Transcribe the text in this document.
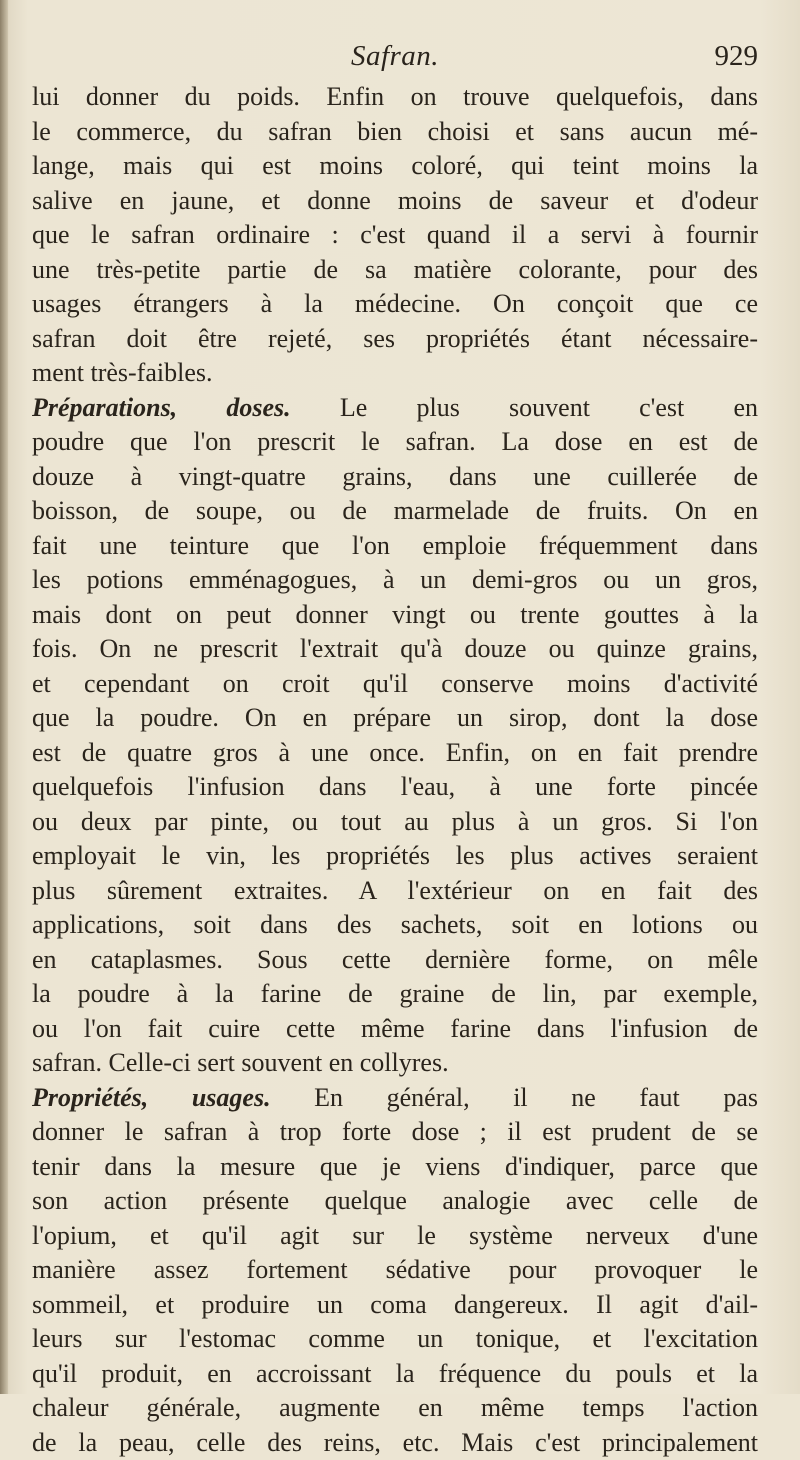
Safran.	929
lui donner du poids. Enfin on trouve quelquefois, dans
le commerce, du safran bien choisi et sans aucun mé-
lange, mais qui est moins coloré, qui teint moins la
salive en jaune, et donne moins de saveur et d'odeur
que le safran ordinaire : c'est quand il a servi à fournir
une très-petite partie de sa matière colorante, pour des
usages étrangers à la médecine. On conçoit que ce
safran doit être rejeté, ses propriétés étant nécessaire-
ment très-faibles.
Préparations, doses. Le plus souvent c'est en
poudre que l'on prescrit le safran. La dose en est de
douze à vingt-quatre grains, dans une cuillerée de
boisson, de soupe, ou de marmelade de fruits. On en
fait une teinture que l'on emploie fréquemment dans
les potions emménagogues, à un demi-gros ou un gros,
mais dont on peut donner vingt ou trente gouttes à la
fois. On ne prescrit l'extrait qu'à douze ou quinze grains,
et cependant on croit qu'il conserve moins d'activité
que la poudre. On en prépare un sirop, dont la dose
est de quatre gros à une once. Enfin, on en fait prendre
quelquefois l'infusion dans l'eau, à une forte pincée
ou deux par pinte, ou tout au plus à un gros. Si l'on
employait le vin, les propriétés les plus actives seraient
plus sûrement extraites. A l'extérieur on en fait des
applications, soit dans des sachets, soit en lotions ou
en cataplasmes. Sous cette dernière forme, on mêle
la poudre à la farine de graine de lin, par exemple,
ou l'on fait cuire cette même farine dans l'infusion de
safran. Celle-ci sert souvent en collyres.
Propriétés, usages. En général, il ne faut pas
donner le safran à trop forte dose ; il est prudent de se
tenir dans la mesure que je viens d'indiquer, parce que
son action présente quelque analogie avec celle de
l'opium, et qu'il agit sur le système nerveux d'une
manière assez fortement sédative pour provoquer le
sommeil, et produire un coma dangereux. Il agit d'ail-
leurs sur l'estomac comme un tonique, et l'excitation
qu'il produit, en accroissant la fréquence du pouls et la
chaleur générale, augmente en même temps l'action
de la peau, celle des reins, etc. Mais c'est principalement
